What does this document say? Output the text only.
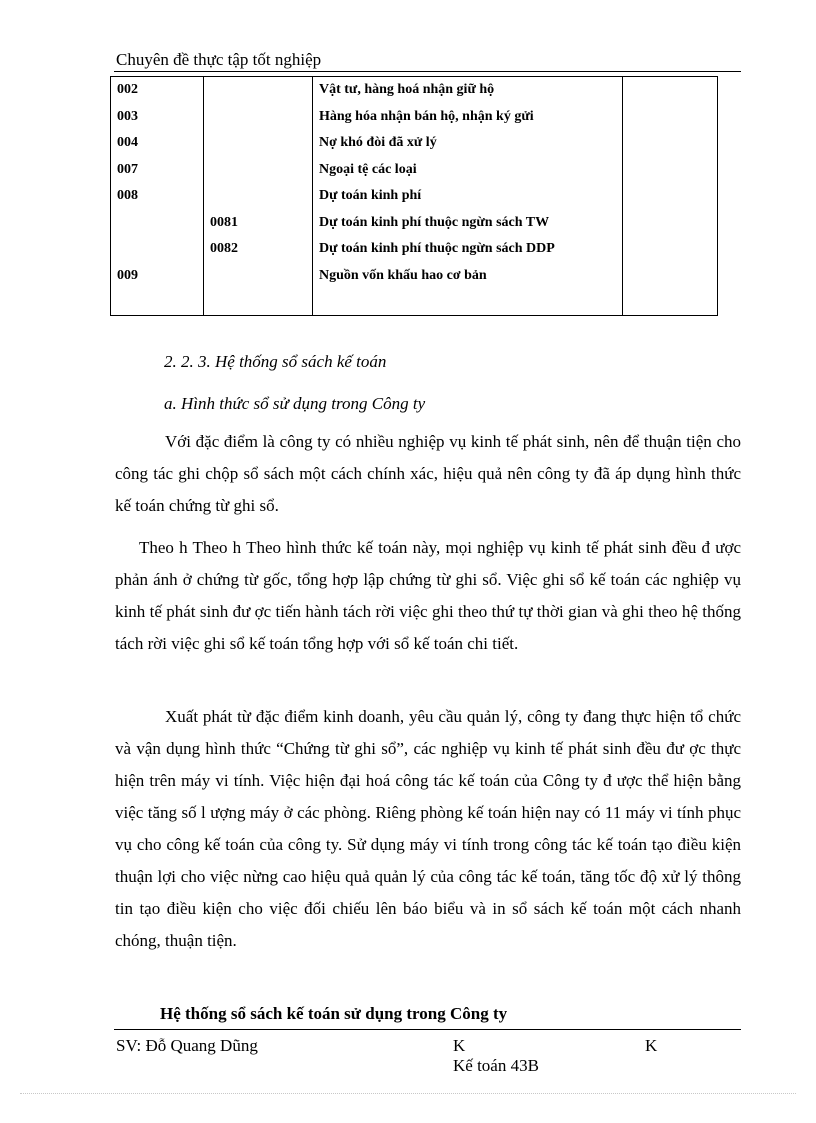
Chuyên đề thực tập tốt nghiệp
002		Vật tư, hàng hoá nhận giữ hộ	
003		Hàng hóa nhận bán hộ, nhận ký gửi	
004		Nợ khó đòi đã xử lý	
007		Ngoại tệ các loại	
008		Dự toán kinh phí	
	0081	Dự toán kinh phí thuộc ngừn sách TW	
	0082	Dự toán kinh phí thuộc ngừn sách DDP	
009		Nguồn vốn khấu hao cơ bản	

2. 2. 3. Hệ thống sổ sách kế toán
a. Hình thức sổ sử dụng trong Công ty
Với đặc điểm là công ty có nhiều nghiệp vụ kinh tế phát sinh, nên để thuận tiện cho công tác ghi chộp sổ sách một cách chính xác, hiệu quả nên công ty đã áp dụng hình thức kế toán chứng từ ghi sổ.
Theo h Theo h Theo hình thức kế toán này, mọi nghiệp vụ kinh tế phát sinh đều đ ược phản ánh ở chứng từ gốc, tổng hợp lập chứng từ ghi sổ. Việc ghi sổ kế toán các nghiệp vụ kinh tế phát sinh đư ợc tiến hành tách rời việc ghi theo thứ tự thời gian và ghi theo hệ thống tách rời việc ghi sổ kế toán tổng hợp với sổ kế toán chi tiết.
Xuất phát từ đặc điểm kinh doanh, yêu cầu quản lý, công ty đang thực hiện tổ chức và vận dụng hình thức “Chứng từ ghi sổ”, các nghiệp vụ kinh tế phát sinh đều đư ợc thực hiện trên máy vi tính. Việc hiện đại hoá công tác kế toán của Công ty đ ược thể hiện bằng việc tăng số l ượng máy ở các phòng. Riêng phòng kế toán hiện nay có 11 máy vi tính phục vụ cho công kế toán của công ty. Sử dụng máy vi tính trong công tác kế toán tạo điều kiện thuận lợi cho việc nừng cao hiệu quả quản lý của công tác kế toán, tăng tốc độ xử lý thông tin tạo điều kiện cho việc đối chiếu lên báo biểu và in sổ sách kế toán một cách nhanh chóng, thuận tiện.
Hệ thống sổ sách kế toán sử dụng trong Công ty
SV: Đỗ Quang Dũng	K
Kế toán 43B
K
